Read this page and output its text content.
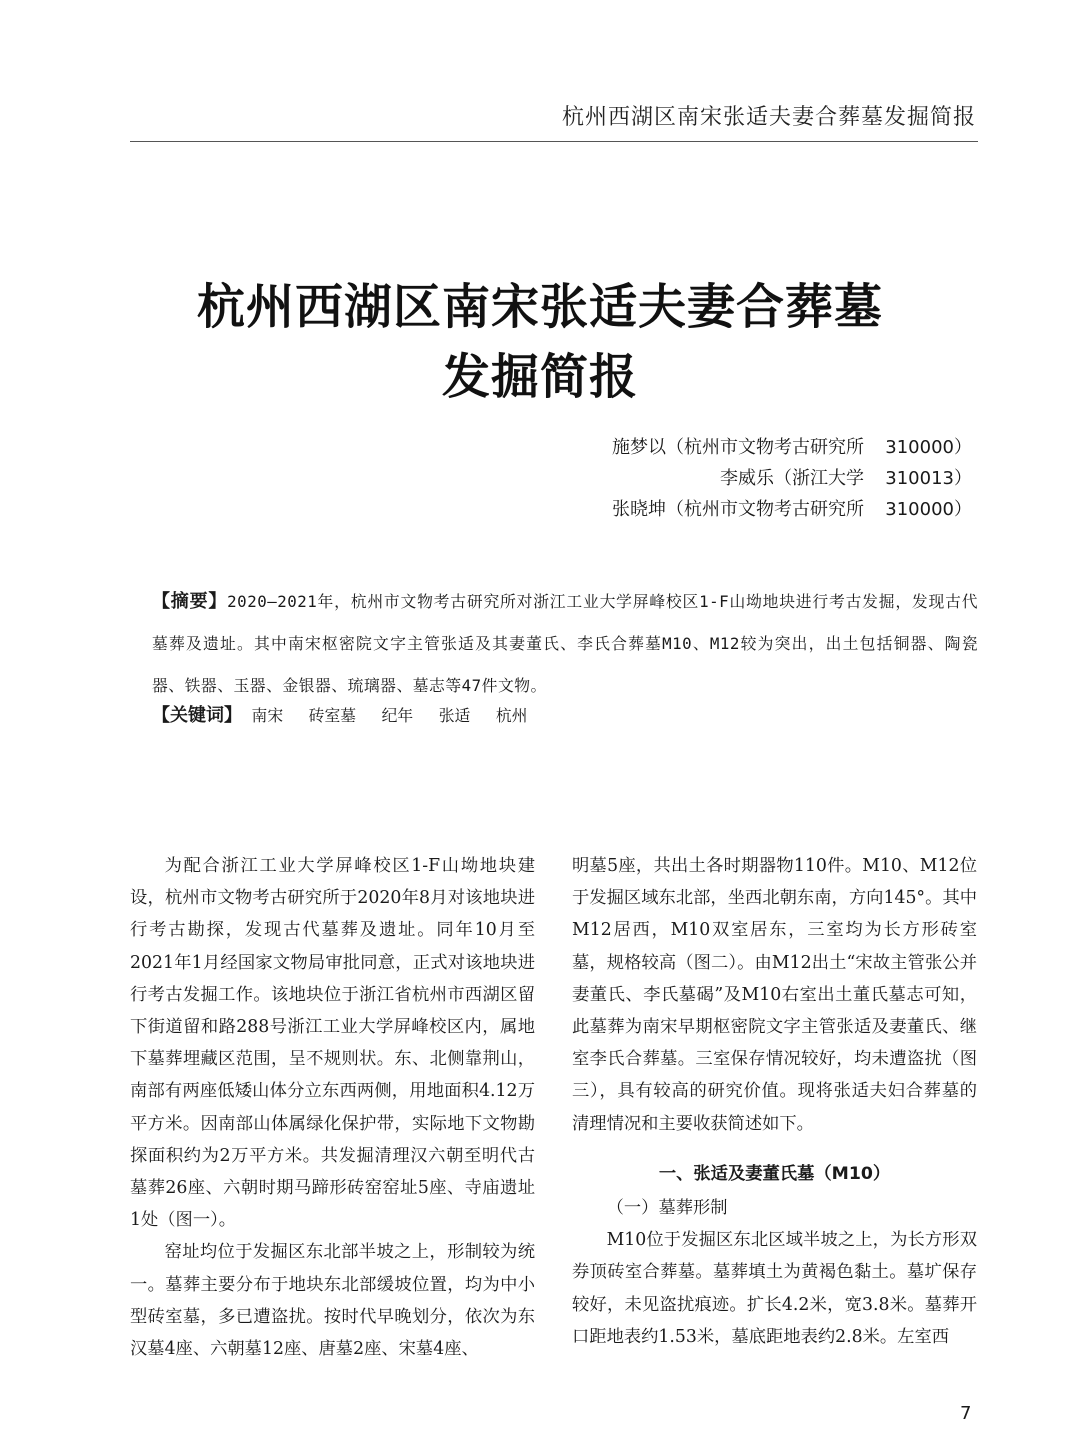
杭州西湖区南宋张适夫妻合葬墓发掘简报
杭州西湖区南宋张适夫妻合葬墓
发掘简报
施梦以（杭州市文物考古研究所 310000）
李威乐（浙江大学 310013）
张晓坤（杭州市文物考古研究所 310000）
【摘要】2020—2021年，杭州市文物考古研究所对浙江工业大学屏峰校区1-F山坳地块进行考古发掘，发现古代墓葬及遗址。其中南宋枢密院文字主管张适及其妻董氏、李氏合葬墓M10、M12较为突出，出土包括铜器、陶瓷器、铁器、玉器、金银器、琉璃器、墓志等47件文物。
【关键词】 南宋 砖室墓 纪年 张适 杭州

为配合浙江工业大学屏峰校区1-F山坳地块建设，杭州市文物考古研究所于2020年8月对该地块进行考古勘探，发现古代墓葬及遗址。同年10月至2021年1月经国家文物局审批同意，正式对该地块进行考古发掘工作。该地块位于浙江省杭州市西湖区留下街道留和路288号浙江工业大学屏峰校区内，属地下墓葬埋藏区范围，呈不规则状。东、北侧靠荆山，南部有两座低矮山体分立东西两侧，用地面积4.12万平方米。因南部山体属绿化保护带，实际地下文物勘探面积约为2万平方米。共发掘清理汉六朝至明代古墓葬26座、六朝时期马蹄形砖窑窑址5座、寺庙遗址1处（图一）。

窑址均位于发掘区东北部半坡之上，形制较为统一。墓葬主要分布于地块东北部缓坡位置，均为中小型砖室墓，多已遭盗扰。按时代早晚划分，依次为东汉墓4座、六朝墓12座、唐墓2座、宋墓4座、

明墓5座，共出土各时期器物110件。M10、M12位于发掘区域东北部，坐西北朝东南，方向145°。其中M12居西，M10双室居东，三室均为长方形砖室墓，规格较高（图二）。由M12出土“宋故主管张公并妻董氏、李氏墓碣”及M10右室出土董氏墓志可知，此墓葬为南宋早期枢密院文字主管张适及妻董氏、继室李氏合葬墓。三室保存情况较好，均未遭盗扰（图三），具有较高的研究价值。现将张适夫妇合葬墓的清理情况和主要收获简述如下。

一、张适及妻董氏墓（M10）

（一）墓葬形制

M10位于发掘区东北区域半坡之上，为长方形双券顶砖室合葬墓。墓葬填土为黄褐色黏土。墓圹保存较好，未见盗扰痕迹。扩长4.2米，宽3.8米。墓葬开口距地表约1.53米，墓底距地表约2.8米。左室西

7
